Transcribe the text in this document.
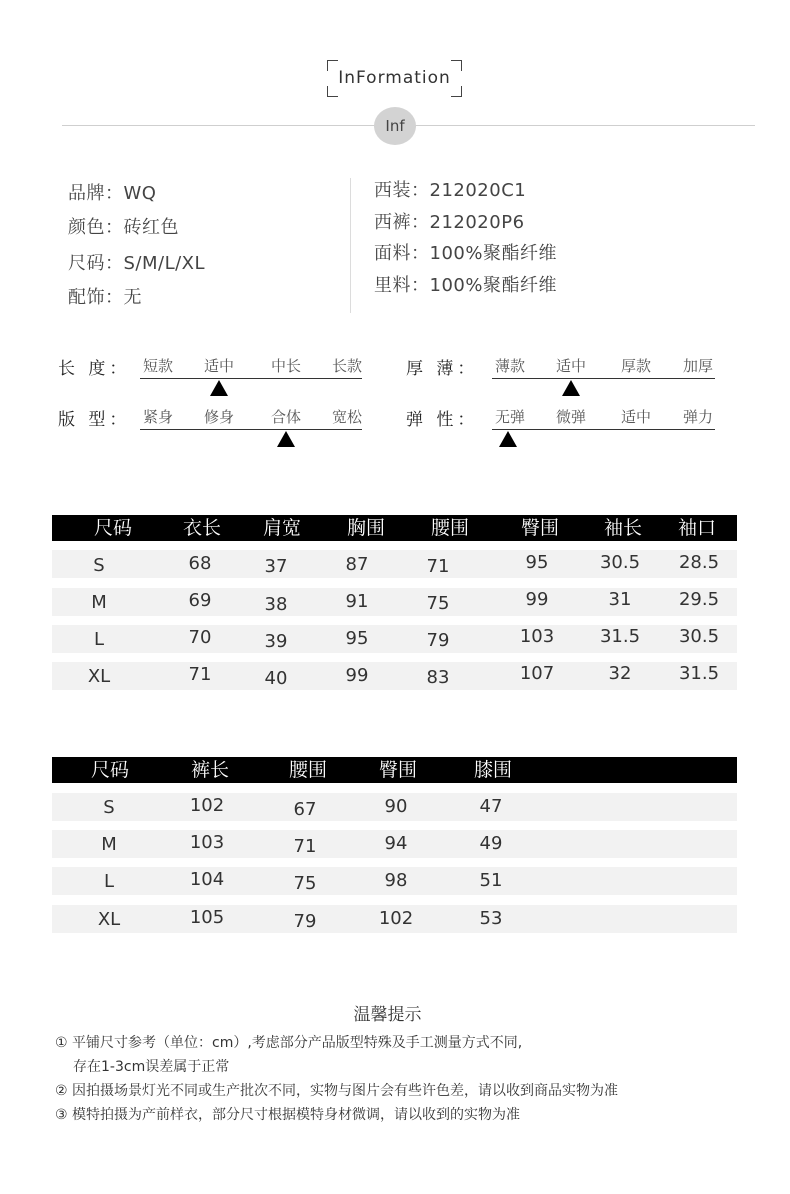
InFormation
Inf
品牌：WQ
颜色：砖红色
尺码：S/M/L/XL
配饰：无
西装：212020C1
西裤：212020P6
面料：100%聚酯纤维
里料：100%聚酯纤维
长 度： 短款 适中 中长 长款	厚 薄： 薄款 适中 厚款 加厚
版 型： 紧身 修身 合体 宽松	弹 性： 无弹 微弹 适中 弹力
尺码	衣长 肩宽 胸围 腰围	臀围 袖长 袖口
S	68	37	87	71	95	30.5 28.5
M	69	38	91	75	99	31	29.5
L	70	39	95	79	103	31.5 30.5
XL	71	40	99	83	107	32	31.5
尺码	裤长	腰围	臀围	膝围
S	102	67	90	47
M	103	71	94	49
L	104	75	98	51
XL	105	79	102	53
温馨提示
① 平铺尺寸参考（单位：cm）,考虑部分产品版型特殊及手工测量方式不同,
存在1-3cm误差属于正常
② 因拍摄场景灯光不同或生产批次不同，实物与图片会有些许色差，请以收到商品实物为准
③ 模特拍摄为产前样衣，部分尺寸根据模特身材微调，请以收到的实物为准
